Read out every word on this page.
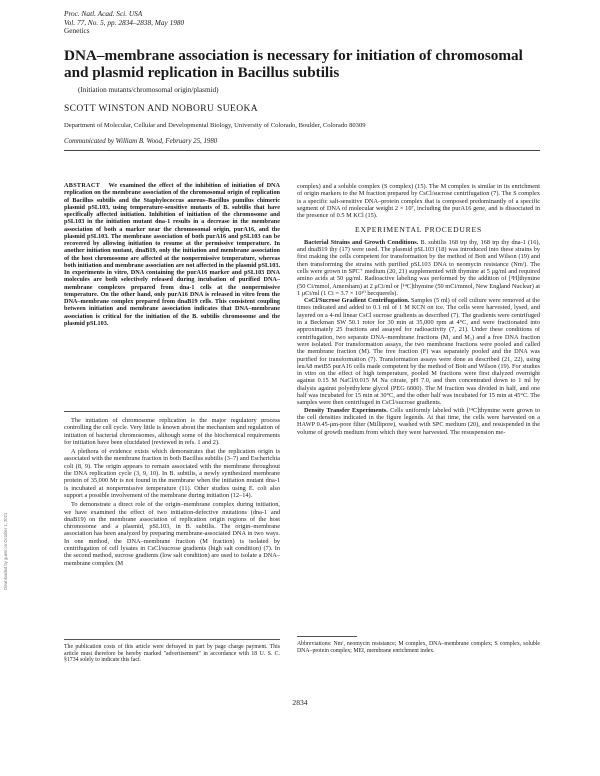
Proc. Natl. Acad. Sci. USA
Vol. 77, No. 5, pp. 2834–2838, May 1980
Genetics
DNA–membrane association is necessary for initiation of chromosomal and plasmid replication in Bacillus subtilis
(Initiation mutants/chromosomal origin/plasmid)
SCOTT WINSTON AND NOBORU SUEOKA
Department of Molecular, Cellular and Developmental Biology, University of Colorado, Boulder, Colorado 80309
Communicated by William B. Wood, February 25, 1980

ABSTRACT We examined the effect of the inhibition of initiation of DNA replication on the membrane association of the chromosomal origin of replication of Bacillus subtilis and the Staphylococcus aureus–Bacillus pumilus chimeric plasmid pSL103, using temperature-sensitive mutants of B. subtilis that have specifically affected initiation. Inhibition of initiation of the chromosome and pSL103 in the initiation mutant dna-1 results in a decrease in the membrane association of both a marker near the chromosomal origin, purA16, and the plasmid pSL103. The membrane association of both purA16 and pSL103 can be recovered by allowing initiation to resume at the permissive temperature. In another initiation mutant, dnaB19, only the initiation and membrane association of the host chromosome are affected at the nonpermissive temperature, whereas both initiation and membrane association are not affected in the plasmid pSL103. In experiments in vitro, DNA containing the purA16 marker and pSL103 DNA molecules are both selectively released during incubation of purified DNA–membrane complexes prepared from dna-1 cells at the nonpermissive temperature. On the other hand, only purA16 DNA is released in vitro from the DNA–membrane complex prepared from dnaB19 cells. This consistent coupling between initiation and membrane association indicates that DNA–membrane association is critical for the initiation of the B. subtilis chromosome and the plasmid pSL103.

The initiation of chromosome replication is the major regulatory process controlling the cell cycle. Very little is known about the mechanism and regulation of initiation of bacterial chromosomes, although some of the biochemical requirements for initiation have been elucidated (reviewed in refs. 1 and 2).

A plethora of evidence exists which demonstrates that the replication origin is associated with the membrane fraction in both Bacillus subtilis (3–7) and Escherichia coli (8, 9). The origin appears to remain associated with the membrane throughout the DNA replication cycle (3, 9, 10). In B. subtilis, a newly synthesized membrane protein of 35,000 Mr is not found in the membrane when the initiation mutant dna-1 is incubated at nonpermissive temperature (11). Other studies using E. coli also support a possible involvement of the membrane during initiation (12–14).

To demonstrate a direct role of the origin–membrane complex during initiation, we have examined the effect of two initiation-defective mutations (dna-1 and dnaB19) on the membrane association of replication origin regions of the host chromosome and a plasmid, pSL103, in B. subtilis. The origin–membrane association has been analyzed by preparing membrane-associated DNA in two ways. In one method, the DNA–membrane fraction (M fraction) is isolated by centrifugation of cell lysates in CsCl/sucrose gradients (high salt condition) (7). In the second method, sucrose gradients (low salt condition) are used to isolate a DNA–membrane complex (M

The publication costs of this article were defrayed in part by page charge payment. This article must therefore be hereby marked "advertisement" in accordance with 18 U. S. C. §1734 solely to indicate this fact.

complex) and a soluble complex (S complex) (15). The M complex is similar in its enrichment of origin markers to the M fraction prepared by CsCl/sucrose centrifugation (7). The S complex is a specific salt-sensitive DNA–protein complex that is composed predominantly of a specific segment of DNA of molecular weight 2 × 10⁷, including the purA16 gene, and is dissociated in the presence of 0.5 M KCl (15).

EXPERIMENTAL PROCEDURES

Bacterial Strains and Growth Conditions. B. subtilis 168 trp thy, 168 trp thy dna-1 (16), and dnaB19 thy (17) were used. The plasmid pSL103 (18) was introduced into these strains by first making the cells competent for transformation by the method of Bott and Wilson (19) and then transforming the strains with purified pSL103 DNA to neomycin resistance (Nmʳ). The cells were grown in SPC⁺ medium (20, 21) supplemented with thymine at 5 μg/ml and required amino acids at 50 μg/ml. Radioactive labeling was performed by the addition of [³H]thymine (50 Ci/mmol, Amersham) at 2 μCi/ml or [¹⁴C]thymine (50 mCi/mmol, New England Nuclear) at 1 μCi/ml (1 Ci = 3.7 × 10¹⁰ becquerels).

CsCl/Sucrose Gradient Centrifugation. Samples (5 ml) of cell culture were removed at the times indicated and added to 0.1 ml of 1 M KCN on ice. The cells were harvested, lysed, and layered on a 4-ml linear CsCl sucrose gradients as described (7). The gradients were centrifuged in a Beckman SW 50.1 rotor for 30 min at 35,000 rpm at 4°C, and were fractionated into approximately 25 fractions and assayed for radioactivity (7, 21). Under these conditions of centrifugation, two separate DNA–membrane fractions (M₁ and M₂) and a free DNA fraction were isolated. For transformation assays, the two membrane fractions were pooled and called the membrane fraction (M). The free fraction (F) was separately pooled and the DNA was purified for transformation (7). Transformation assays were done as described (21, 22), using leuA8 metB5 purA16 cells made competent by the method of Bott and Wilson (19). For studies in vitro on the effect of high temperature, pooled M fractions were first dialyzed overnight against 0.15 M NaCl/0.015 M Na citrate, pH 7.0, and then concentrated down to 1 ml by dialysis against polyethylene glycol (PEG 6000). The M fraction was divided in half, and one half was incubated for 15 min at 30°C, and the other half was incubated for 15 min at 45°C. The samples were then centrifuged in CsCl/sucrose gradients.

Density Transfer Experiments. Cells uniformly labeled with [¹⁴C]thymine were grown to the cell densities indicated in the figure legends. At that time, the cells were harvested on a HAWP 0.45-μm-pore filter (Millipore), washed with SPC medium (20), and resuspended in the volume of growth medium from which they were harvested. The resuspension me-

Abbreviations: Nmʳ, neomycin resistance; M complex, DNA–membrane complex; S complex, soluble DNA–protein complex; MEI, membrane enrichment index.

2834
Downloaded by guest on October 1, 2021
